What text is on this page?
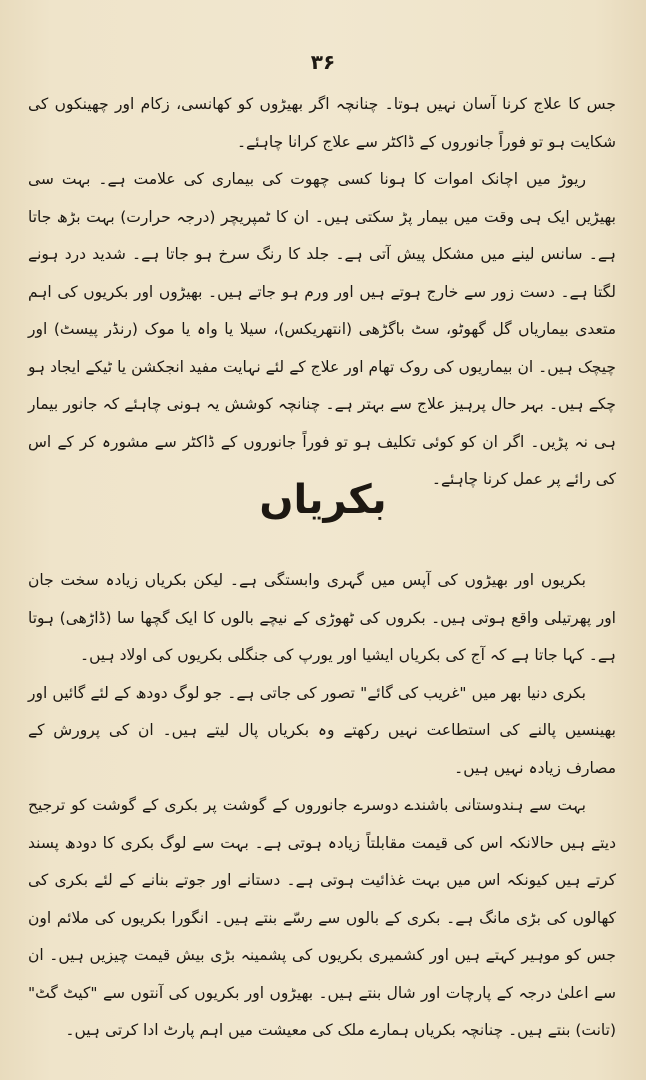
۳۶

جس کا علاج کرنا آسان نہیں ہوتا۔ چنانچہ اگر بھیڑوں کو کھانسی، زکام اور چھینکوں کی شکایت ہو تو فوراً جانوروں کے ڈاکٹر سے علاج کرانا چاہئے۔

ریوڑ میں اچانک اموات کا ہونا کسی چھوت کی بیماری کی علامت ہے۔ بہت سی بھیڑیں ایک ہی وقت میں بیمار پڑ سکتی ہیں۔ ان کا ٹمپریچر (درجہ حرارت) بہت بڑھ جاتا ہے۔ سانس لینے میں مشکل پیش آتی ہے۔ جلد کا رنگ سرخ ہو جاتا ہے۔ شدید درد ہونے لگتا ہے۔ دست زور سے خارج ہوتے ہیں اور ورم ہو جاتے ہیں۔ بھیڑوں اور بکریوں کی اہم متعدی بیماریاں گل گھوٹو، سٹ باگڑھی (انتھریکس)، سیلا یا واہ یا موک (رنڈر پیسٹ) اور چیچک ہیں۔ ان بیماریوں کی روک تھام اور علاج کے لئے نہایت مفید انجکشن یا ٹیکے ایجاد ہو چکے ہیں۔ بہر حال پرہیز علاج سے بہتر ہے۔ چنانچہ کوشش یہ ہونی چاہئے کہ جانور بیمار ہی نہ پڑیں۔ اگر ان کو کوئی تکلیف ہو تو فوراً جانوروں کے ڈاکٹر سے مشورہ کر کے اس کی رائے پر عمل کرنا چاہئے۔

بکریاں

بکریوں اور بھیڑوں کی آپس میں گہری وابستگی ہے۔ لیکن بکریاں زیادہ سخت جان اور پھرتیلی واقع ہوتی ہیں۔ بکروں کی ٹھوڑی کے نیچے بالوں کا ایک گچھا سا (ڈاڑھی) ہوتا ہے۔ کہا جاتا ہے کہ آج کی بکریاں ایشیا اور یورپ کی جنگلی بکریوں کی اولاد ہیں۔

بکری دنیا بھر میں "غریب کی گائے" تصور کی جاتی ہے۔ جو لوگ دودھ کے لئے گائیں اور بھینسیں پالنے کی استطاعت نہیں رکھتے وہ بکریاں پال لیتے ہیں۔ ان کی پرورش کے مصارف زیادہ نہیں ہیں۔

بہت سے ہندوستانی باشندے دوسرے جانوروں کے گوشت پر بکری کے گوشت کو ترجیح دیتے ہیں حالانکہ اس کی قیمت مقابلتاً زیادہ ہوتی ہے۔ بہت سے لوگ بکری کا دودھ پسند کرتے ہیں کیونکہ اس میں بہت غذائیت ہوتی ہے۔ دستانے اور جوتے بنانے کے لئے بکری کی کھالوں کی بڑی مانگ ہے۔ بکری کے بالوں سے رسّے بنتے ہیں۔ انگورا بکریوں کی ملائم اون جس کو موہیر کہتے ہیں اور کشمیری بکریوں کی پشمینہ بڑی بیش قیمت چیزیں ہیں۔ ان سے اعلیٰ درجہ کے پارچات اور شال بنتے ہیں۔ بھیڑوں اور بکریوں کی آنتوں سے "کیٹ گٹ" (تانت) بنتے ہیں۔ چنانچہ بکریاں ہمارے ملک کی معیشت میں اہم پارٹ ادا کرتی ہیں۔
